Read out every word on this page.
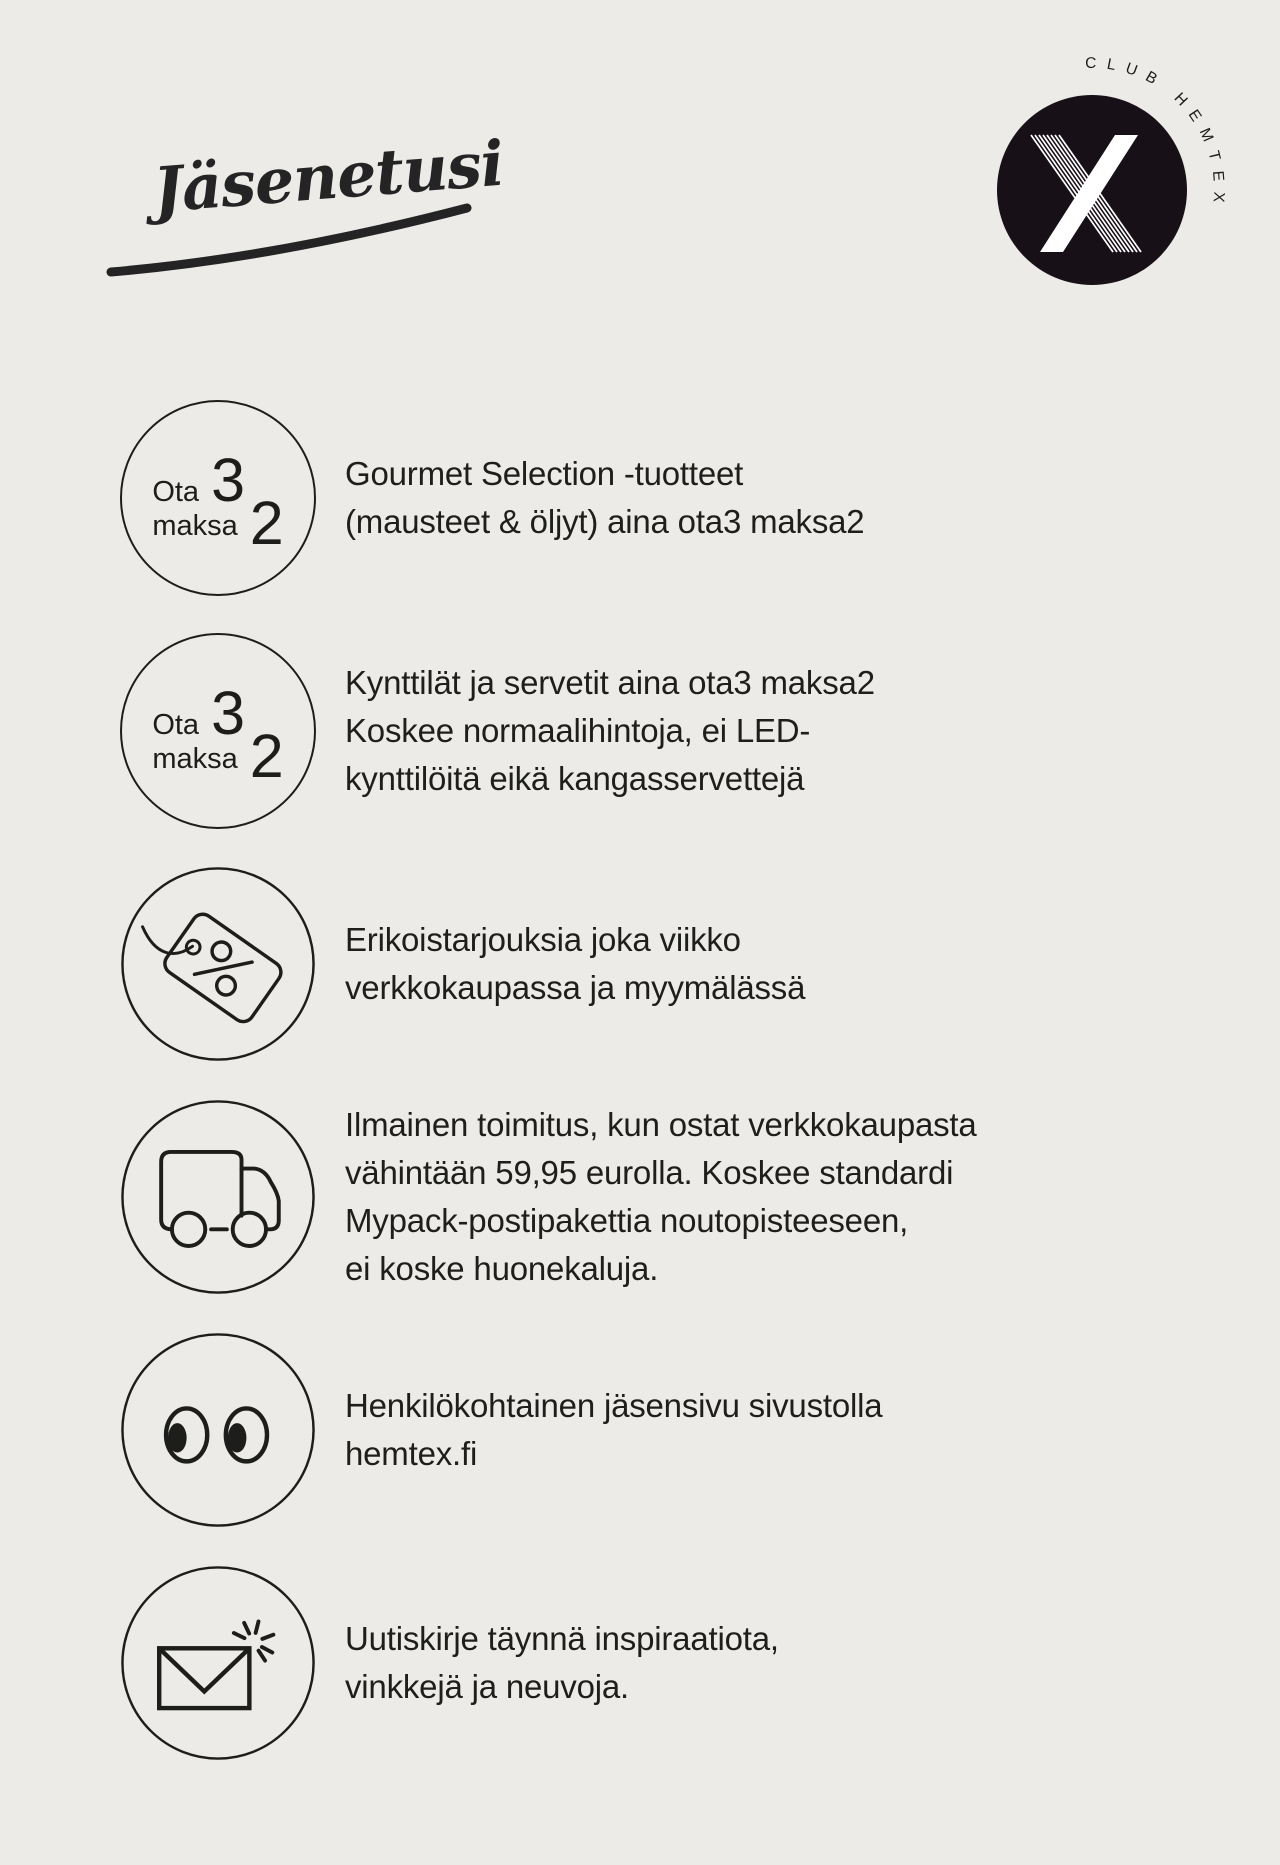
Jäsenetusi
CLUB HEMTEX
Ota 3
maksa 2
Gourmet Selection -tuotteet
(mausteet & öljyt) aina ota3 maksa2
Ota 3
maksa 2
Kynttilät ja servetit aina ota3 maksa2
Koskee normaalihintoja, ei LED-
kynttilöitä eikä kangasservettejä
Erikoistarjouksia joka viikko
verkkokaupassa ja myymälässä
Ilmainen toimitus, kun ostat verkkokaupasta
vähintään 59,95 eurolla. Koskee standardi
Mypack-postipakettia noutopisteeseen,
ei koske huonekaluja.
Henkilökohtainen jäsensivu sivustolla
hemtex.fi
Uutiskirje täynnä inspiraatiota,
vinkkejä ja neuvoja.
